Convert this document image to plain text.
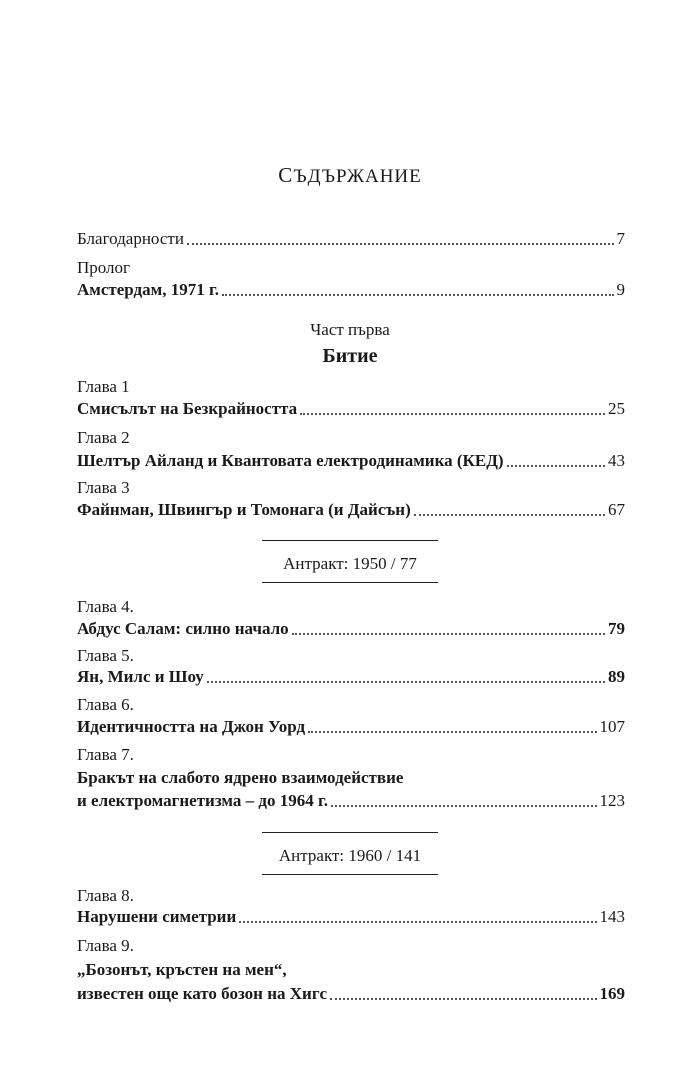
СЪДЪРЖАНИЕ
Благодарности	7
Пролог
Амстердам, 1971 г.	9
Част първа
Битие
Глава 1
Смисълът на Безкрайността	25
Глава 2
Шелтър Айланд и Квантовата електродинамика (КЕД)	43
Глава 3
Файнман, Швингър и Томонага (и Дайсън)	67
Антракт: 1950 / 77
Глава 4.
Абдус Салам: силно начало	79
Глава 5.
Ян, Милс и Шоу	89
Глава 6.
Идентичността на Джон Уорд	107
Глава 7.
Бракът на слабото ядрено взаимодействие
и електромагнетизма – до 1964 г.	123
Антракт: 1960 / 141
Глава 8.
Нарушени симетрии	143
Глава 9.
„Бозонът, кръстен на мен“,
известен още като бозон на Хигс	169
